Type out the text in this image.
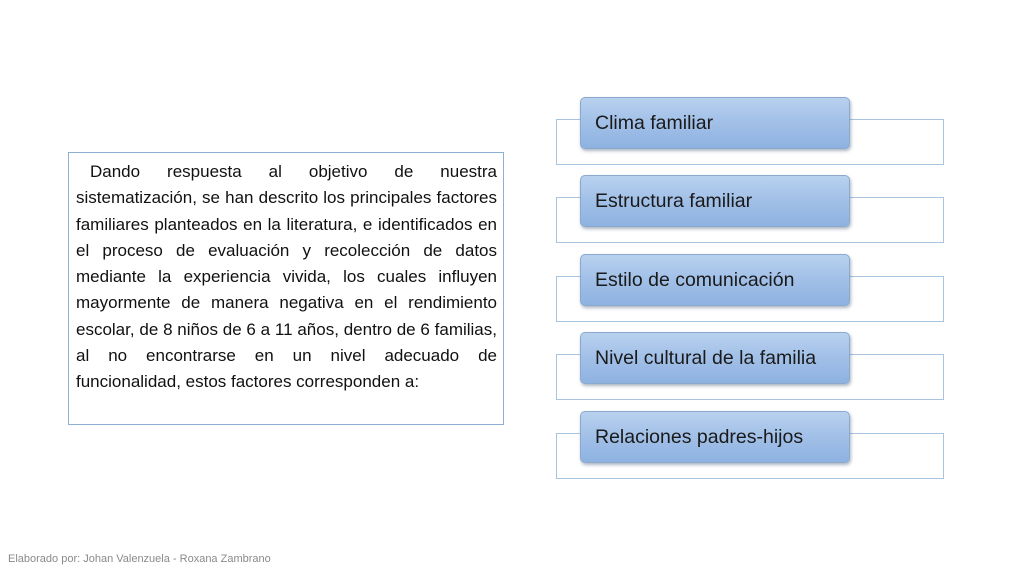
Dando respuesta al objetivo de nuestra sistematización, se han descrito los principales factores familiares planteados en la literatura, e identificados en el proceso de evaluación y recolección de datos mediante la experiencia vivida, los cuales influyen mayormente de manera negativa en el rendimiento escolar, de 8 niños de 6 a 11 años, dentro de 6 familias, al no encontrarse en un nivel adecuado de funcionalidad, estos factores corresponden a:

Clima familiar
Estructura familiar
Estilo de comunicación
Nivel cultural de la familia
Relaciones padres-hijos
Elaborado por: Johan Valenzuela - Roxana Zambrano
